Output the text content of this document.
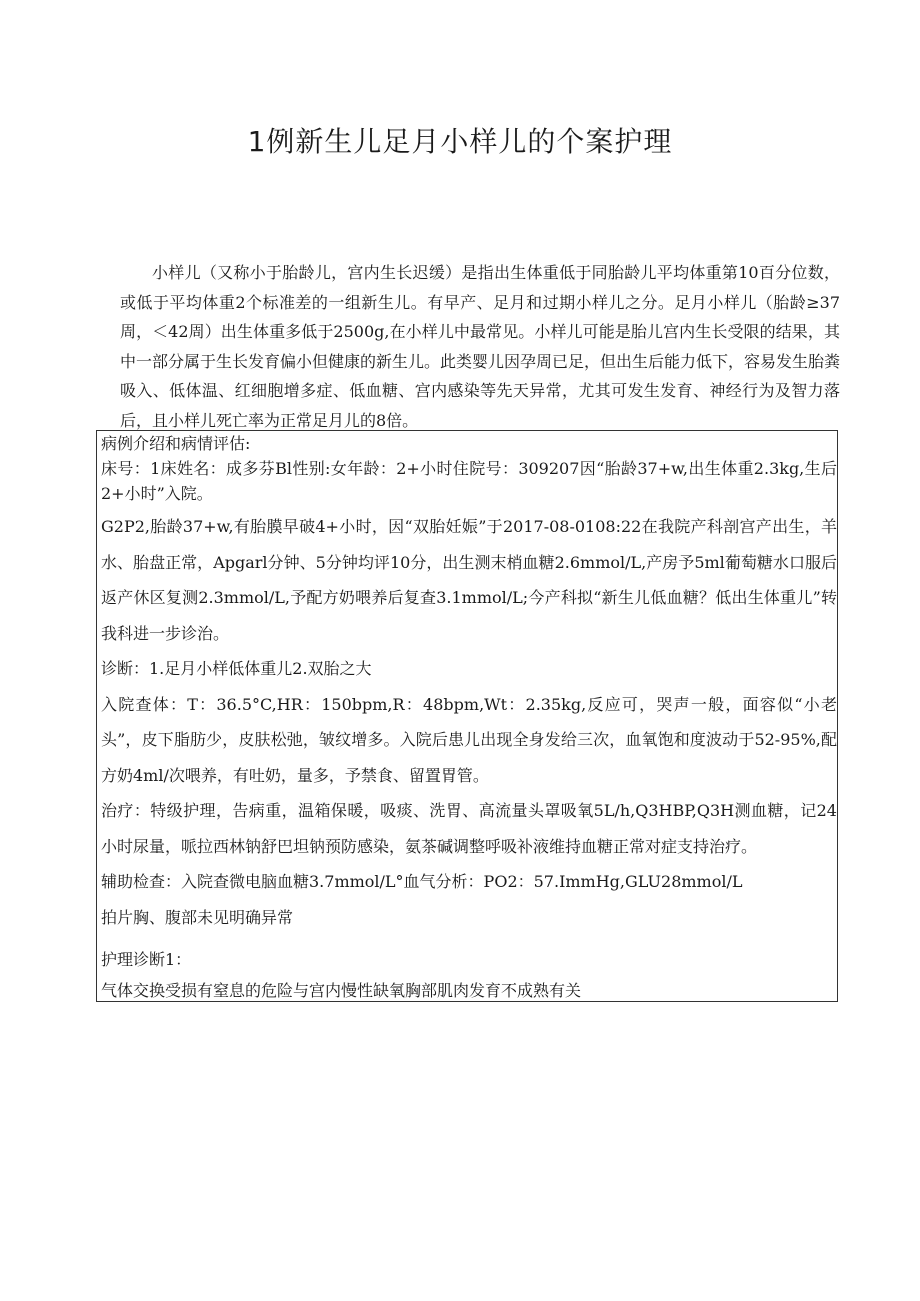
1例新生儿足月小样儿的个案护理

小样儿（又称小于胎龄儿，宫内生长迟缓）是指出生体重低于同胎龄儿平均体重第10百分位数，或低于平均体重2个标准差的一组新生儿。有早产、足月和过期小样儿之分。足月小样儿（胎龄≥37周，＜42周）出生体重多低于2500g,在小样儿中最常见。小样儿可能是胎儿宫内生长受限的结果，其中一部分属于生长发育偏小但健康的新生儿。此类婴儿因孕周已足，但出生后能力低下，容易发生胎粪吸入、低体温、红细胞增多症、低血糖、宫内感染等先天异常，尤其可发生发育、神经行为及智力落后，且小样儿死亡率为正常足月儿的8倍。

病例介绍和病情评估:

床号：1床姓名：成多芬Bl性别:女年龄：2+小时住院号：309207因“胎龄37+w,出生体重2.3kg,生后2+小时”入院。

G2P2,胎龄37+w,有胎膜早破4+小时，因“双胎妊娠”于2017-08-0108:22在我院产科剖宫产出生，羊水、胎盘正常，Apgarl分钟、5分钟均评10分，出生测末梢血糖2.6mmol/L,产房予5ml葡萄糖水口服后返产休区复测2.3mmol/L,予配方奶喂养后复查3.1mmol/L;今产科拟“新生儿低血糖？低出生体重儿”转我科进一步诊治。

诊断：1.足月小样低体重儿2.双胎之大

入院查体：T：36.5°C,HR：150bpm,R：48bpm,Wt：2.35kg,反应可，哭声一般，面容似“小老头”，皮下脂肪少，皮肤松弛，皱纹增多。入院后患儿出现全身发给三次，血氧饱和度波动于52-95%,配方奶4ml/次喂养，有吐奶，量多，予禁食、留置胃管。

治疗：特级护理，告病重，温箱保暖，吸痰、洗胃、高流量头罩吸氧5L/h,Q3HBP,Q3H测血糖，记24小时尿量，哌拉西林钠舒巴坦钠预防感染，氨茶碱调整呼吸补液维持血糖正常对症支持治疗。

辅助检查：入院查微电脑血糖3.7mmol/L°血气分析：PO2：57.ImmHg,GLU28mmol/L

拍片胸、腹部未见明确异常

护理诊断1：

气体交换受损有窒息的危险与宫内慢性缺氧胸部肌肉发育不成熟有关
